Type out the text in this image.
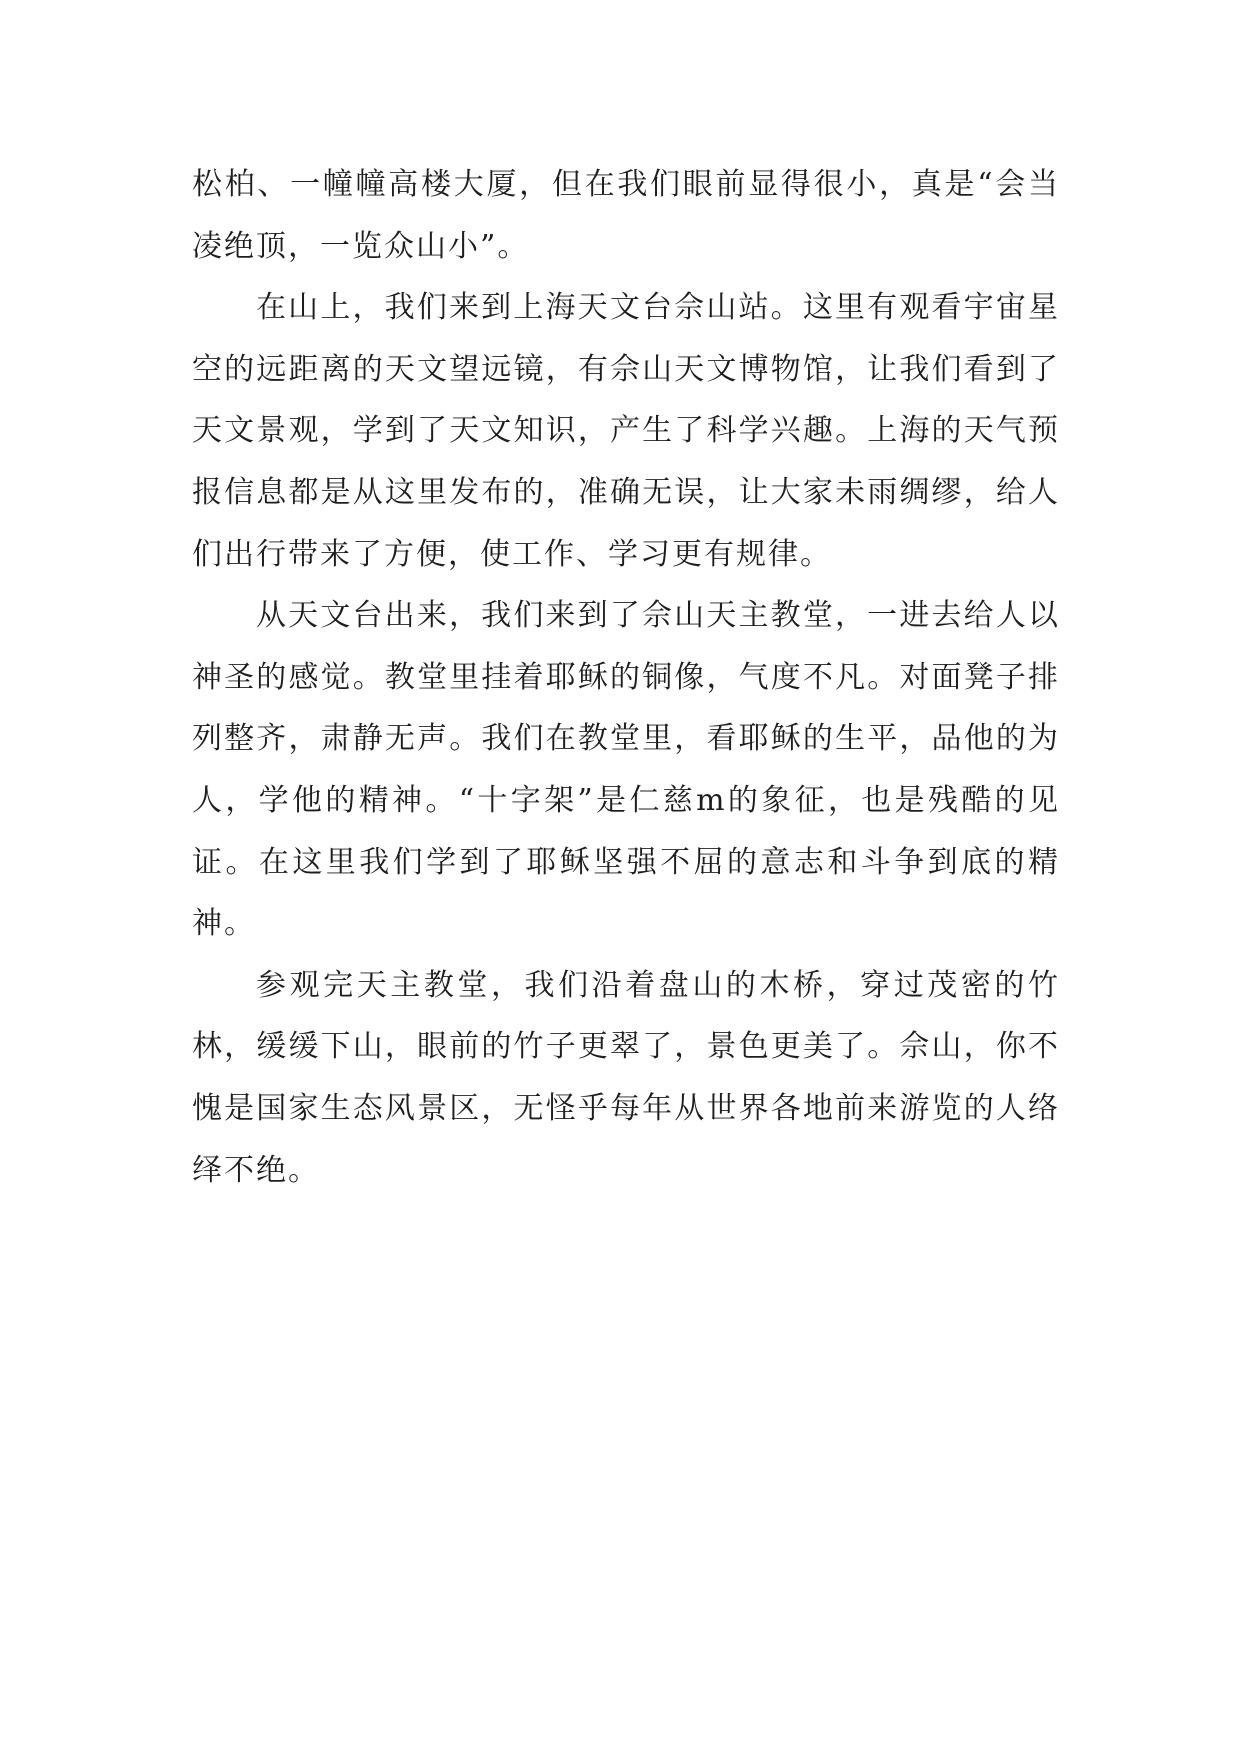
松柏、一幢幢高楼大厦，但在我们眼前显得很小，真是“会当凌绝顶，一览众山小”。

在山上，我们来到上海天文台佘山站。这里有观看宇宙星空的远距离的天文望远镜，有佘山天文博物馆，让我们看到了天文景观，学到了天文知识，产生了科学兴趣。上海的天气预报信息都是从这里发布的，准确无误，让大家未雨绸缪，给人们出行带来了方便，使工作、学习更有规律。

从天文台出来，我们来到了佘山天主教堂，一进去给人以神圣的感觉。教堂里挂着耶稣的铜像，气度不凡。对面凳子排列整齐，肃静无声。我们在教堂里，看耶稣的生平，品他的为人，学他的精神。“十字架”是仁慈m的象征，也是残酷的见证。在这里我们学到了耶稣坚强不屈的意志和斗争到底的精神。

参观完天主教堂，我们沿着盘山的木桥，穿过茂密的竹林，缓缓下山，眼前的竹子更翠了，景色更美了。佘山，你不愧是国家生态风景区，无怪乎每年从世界各地前来游览的人络绎不绝。
